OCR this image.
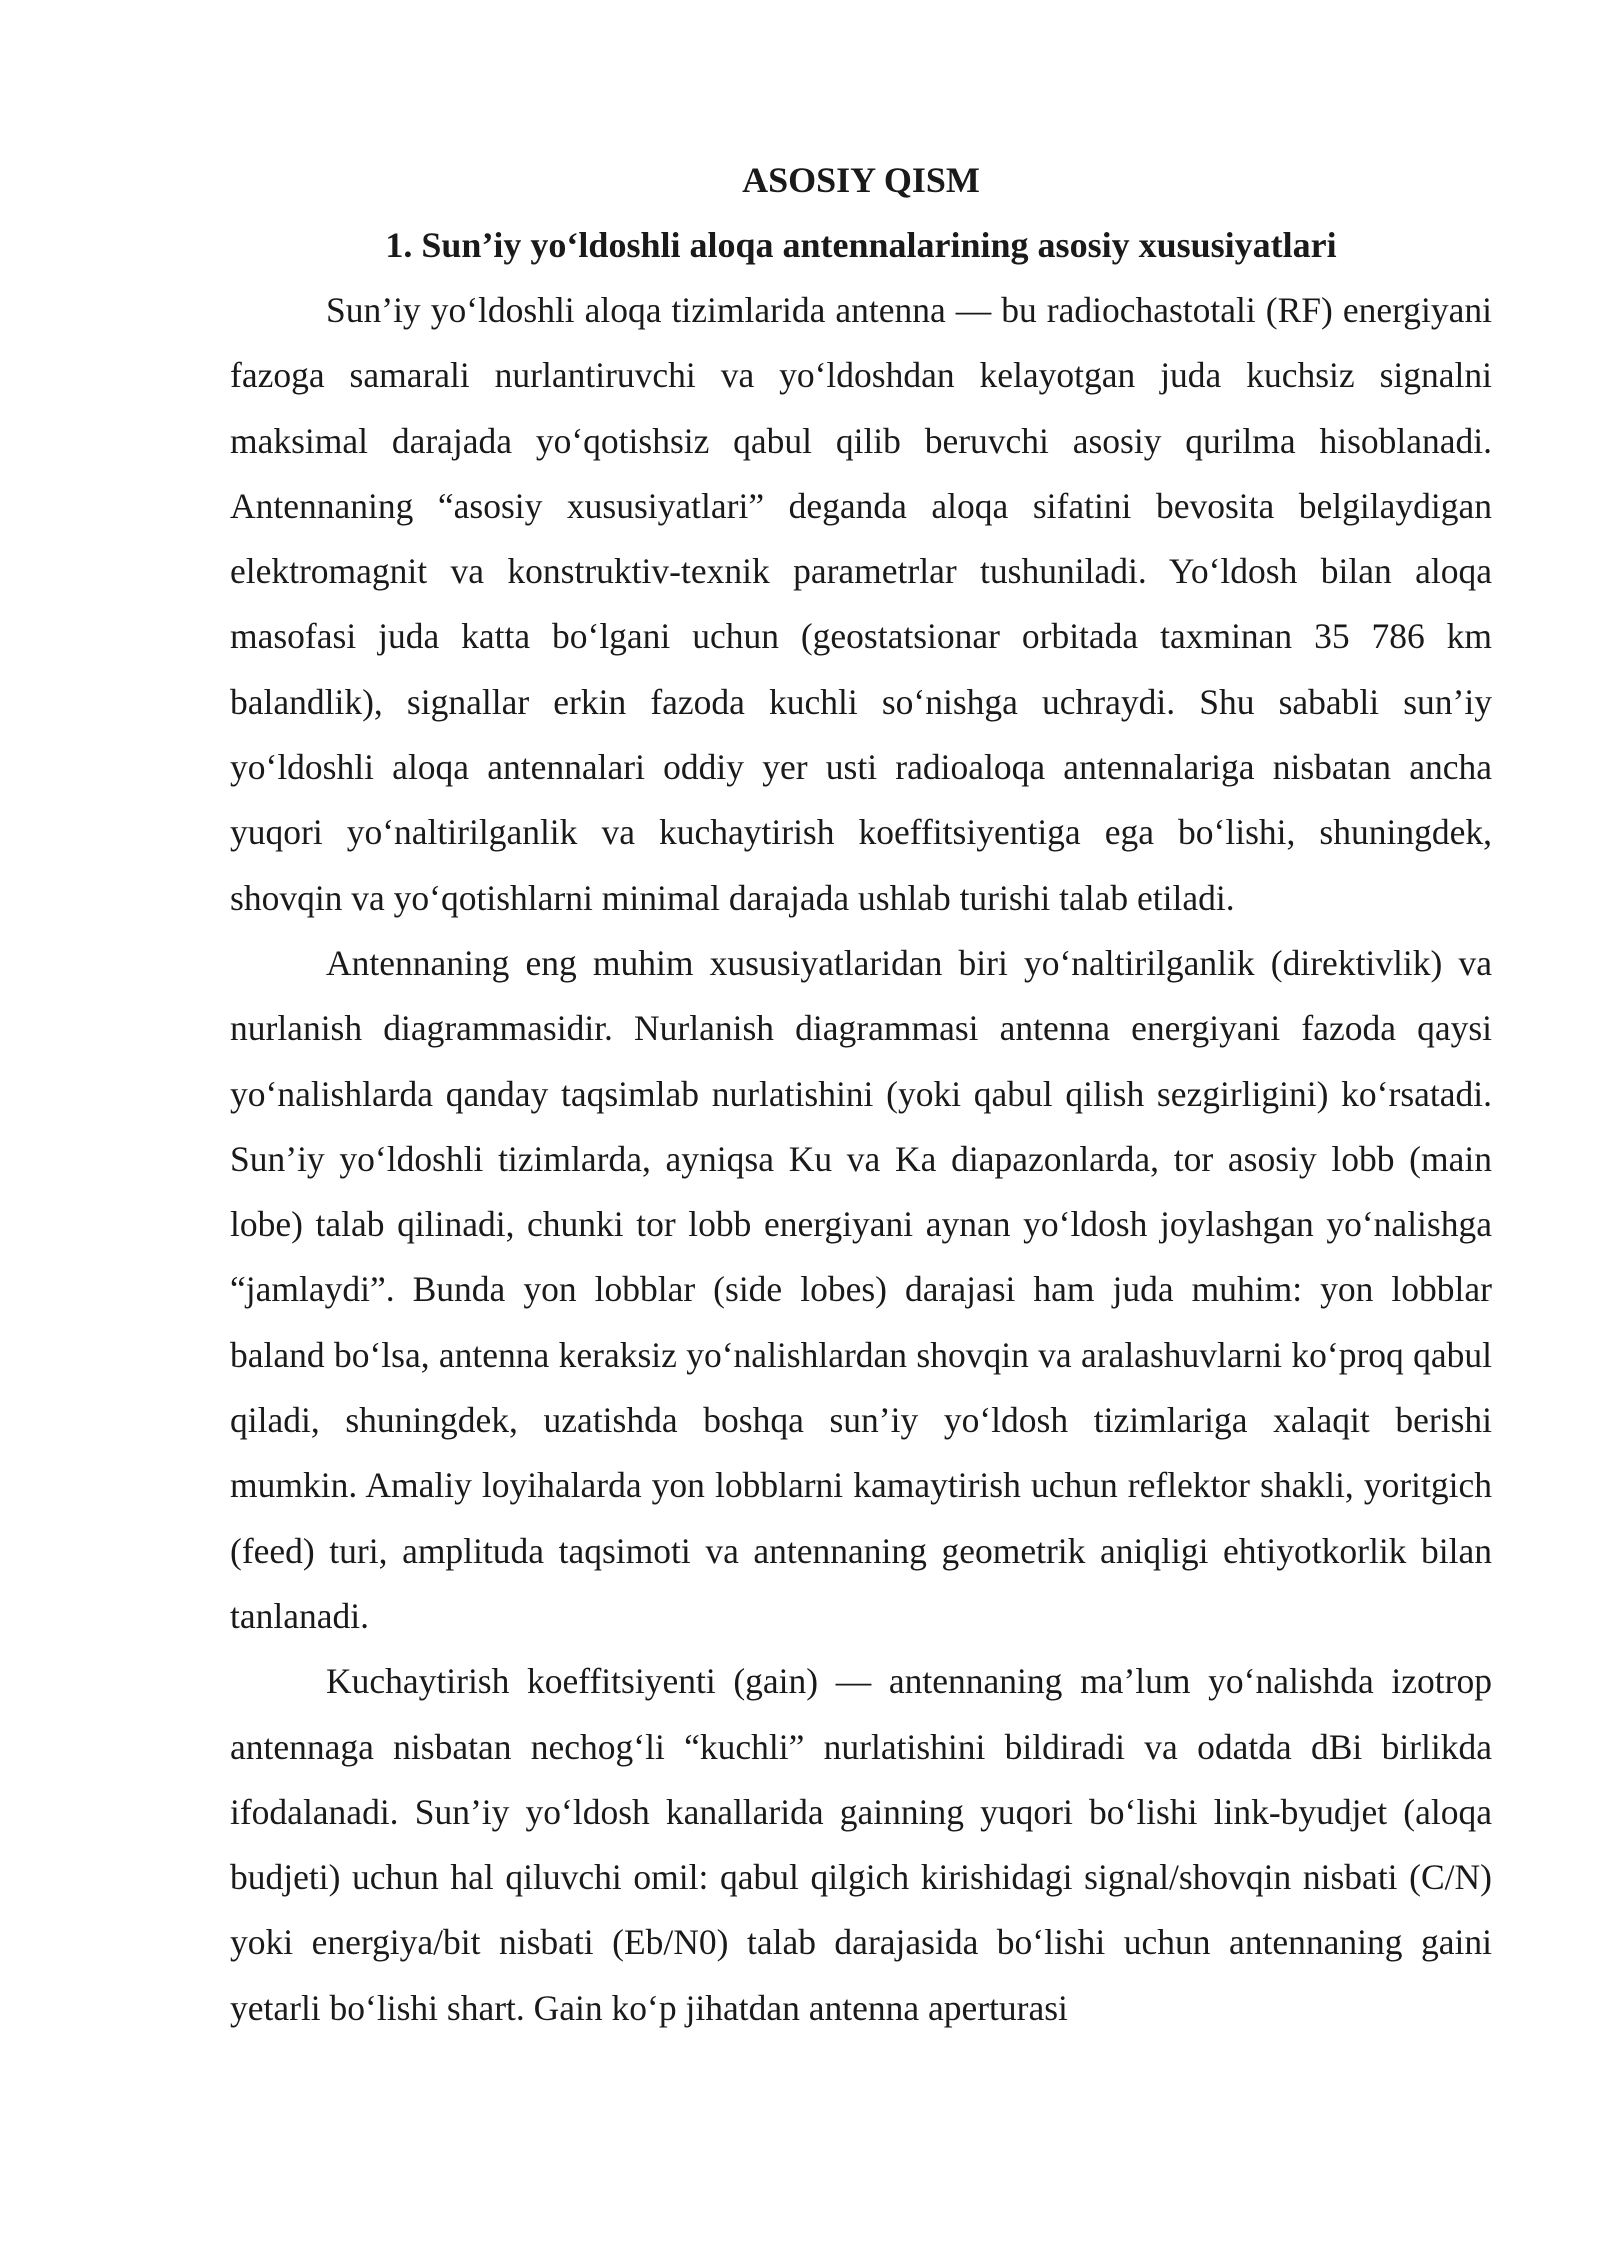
ASOSIY QISM
1. Sun’iy yo‘ldoshli aloqa antennalarining asosiy xususiyatlari

Sun’iy yo‘ldoshli aloqa tizimlarida antenna — bu radiochastotali (RF) energiyani fazoga samarali nurlantiruvchi va yo‘ldoshdan kelayotgan juda kuchsiz signalni maksimal darajada yo‘qotishsiz qabul qilib beruvchi asosiy qurilma hisoblanadi. Antennaning “asosiy xususiyatlari” deganda aloqa sifatini bevosita belgilaydigan elektromagnit va konstruktiv-texnik parametrlar tushuniladi. Yo‘ldosh bilan aloqa masofasi juda katta bo‘lgani uchun (geostatsionar orbitada taxminan 35 786 km balandlik), signallar erkin fazoda kuchli so‘nishga uchraydi. Shu sababli sun’iy yo‘ldoshli aloqa antennalari oddiy yer usti radioaloqa antennalariga nisbatan ancha yuqori yo‘naltirilganlik va kuchaytirish koeffitsiyentiga ega bo‘lishi, shuningdek, shovqin va yo‘qotishlarni minimal darajada ushlab turishi talab etiladi.

Antennaning eng muhim xususiyatlaridan biri yo‘naltirilganlik (direktivlik) va nurlanish diagrammasidir. Nurlanish diagrammasi antenna energiyani fazoda qaysi yo‘nalishlarda qanday taqsimlab nurlatishini (yoki qabul qilish sezgirligini) ko‘rsatadi. Sun’iy yo‘ldoshli tizimlarda, ayniqsa Ku va Ka diapazonlarda, tor asosiy lobb (main lobe) talab qilinadi, chunki tor lobb energiyani aynan yo‘ldosh joylashgan yo‘nalishga “jamlaydi”. Bunda yon lobblar (side lobes) darajasi ham juda muhim: yon lobblar baland bo‘lsa, antenna keraksiz yo‘nalishlardan shovqin va aralashuvlarni ko‘proq qabul qiladi, shuningdek, uzatishda boshqa sun’iy yo‘ldosh tizimlariga xalaqit berishi mumkin. Amaliy loyihalarda yon lobblarni kamaytirish uchun reflektor shakli, yoritgich (feed) turi, amplituda taqsimoti va antennaning geometrik aniqligi ehtiyotkorlik bilan tanlanadi.

Kuchaytirish koeffitsiyenti (gain) — antennaning ma’lum yo‘nalishda izotrop antennaga nisbatan nechog‘li “kuchli” nurlatishini bildiradi va odatda dBi birlikda ifodalanadi. Sun’iy yo‘ldosh kanallarida gainning yuqori bo‘lishi link-byudjet (aloqa budjeti) uchun hal qiluvchi omil: qabul qilgich kirishidagi signal/shovqin nisbati (C/N) yoki energiya/bit nisbati (Eb/N0) talab darajasida bo‘lishi uchun antennaning gaini yetarli bo‘lishi shart. Gain ko‘p jihatdan antenna aperturasi
